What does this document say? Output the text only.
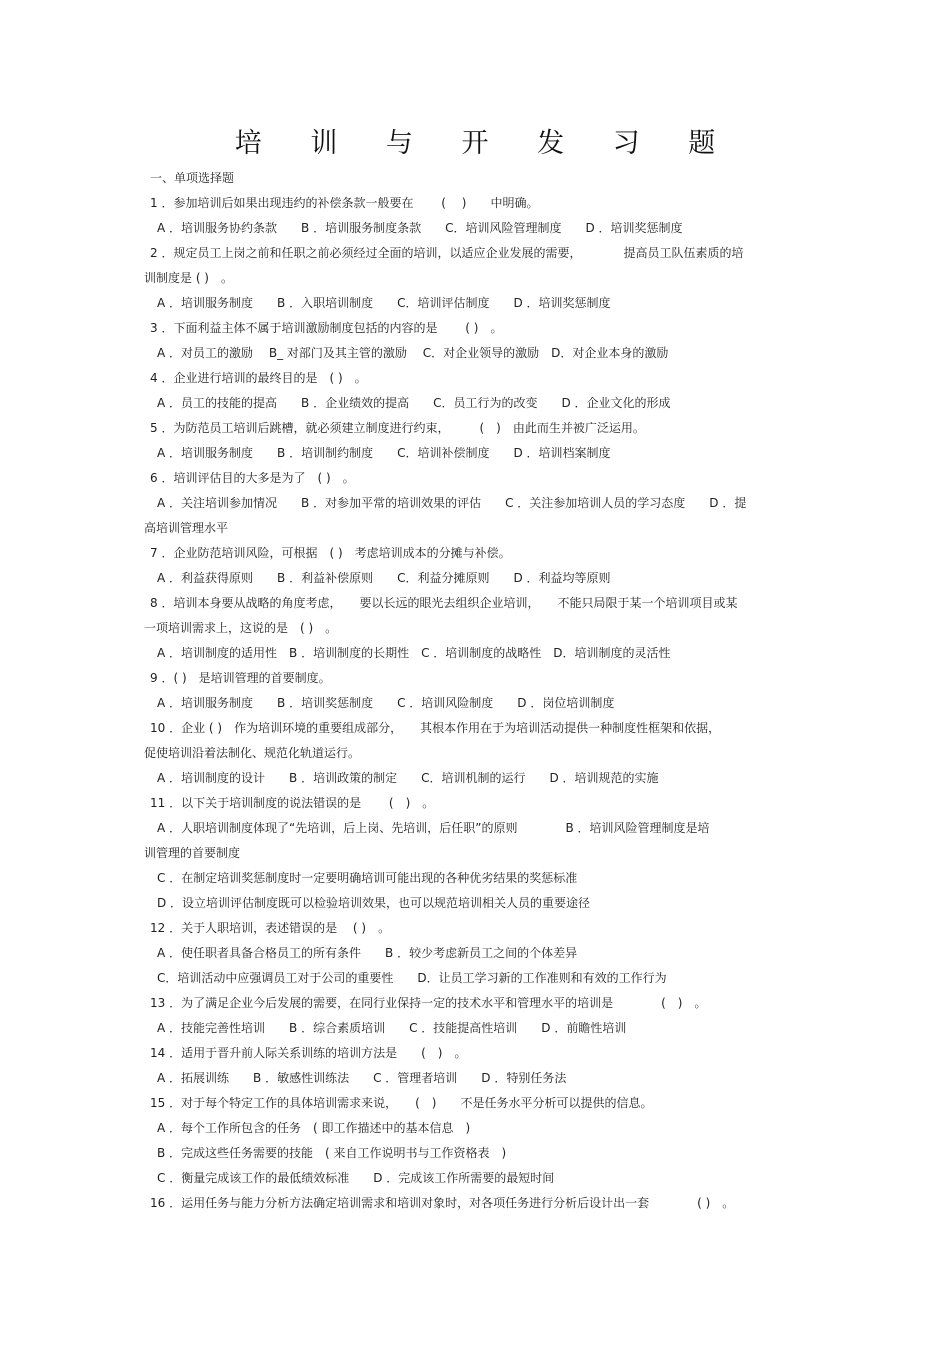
培 训 与 开 发 习 题
一、单项选择题
1 ．参加培训后如果出现违约的补偿条款一般要在　　 (　 )　　中明确。
A ．培训服务协约条款　　B ．培训服务制度条款　　C．培训风险管理制度　　D ．培训奖惩制度
2 ．规定员工上岗之前和任职之前必须经过全面的培训，以适应企业发展的需要，　　　　提高员工队伍素质的培
训制度是 ( )　。
A ．培训服务制度　　B ．入职培训制度　　C．培训评估制度　　D ．培训奖惩制度
3 ．下面利益主体不属于培训激励制度包括的内容的是　　 ( )　。
A ．对员工的激励　 B_ 对部门及其主管的激励　 C．对企业领导的激励　D．对企业本身的激励
4 ．企业进行培训的最终目的是　( )　。
A ．员工的技能的提高　　B ．企业绩效的提高　　C．员工行为的改变　　D ．企业文化的形成
5 ．为防范员工培训后跳槽，就必须建立制度进行约束，　　　(　)　由此而生并被广泛运用。
A ．培训服务制度　　B ．培训制约制度　　C．培训补偿制度　　D ．培训档案制度
6 ．培训评估目的大多是为了　( )　。
A ．关注培训参加情况　　B ．对参加平常的培训效果的评估　　C ．关注参加培训人员的学习态度　　D ．提
高培训管理水平
7 ．企业防范培训风险，可根据　( )　考虑培训成本的分摊与补偿。
A ．利益获得原则　　B ．利益补偿原则　　C．利益分摊原则　　D ．利益均等原则
8 ．培训本身要从战略的角度考虑，　　要以长远的眼光去组织企业培训，　　不能只局限于某一个培训项目或某
一项培训需求上，这说的是　( )　。
A ．培训制度的适用性　B ．培训制度的长期性　C ．培训制度的战略性　D．培训制度的灵活性
9 ．( )　是培训管理的首要制度。
A ．培训服务制度　　B ．培训奖惩制度　　C ．培训风险制度　　D ．岗位培训制度
10 ．企业 ( )　作为培训环境的重要组成部分，　　其根本作用在于为培训活动提供一种制度性框架和依据，
促使培训沿着法制化、规范化轨道运行。
A ．培训制度的设计　　B ．培训政策的制定　　C．培训机制的运行　　D ．培训规范的实施
11 ．以下关于培训制度的说法错误的是　　 (　)　。
A ．人职培训制度体现了“先培训，后上岗、先培训，后任职”的原则　　　　B ．培训风险管理制度是培
训管理的首要制度
C ．在制定培训奖惩制度时一定要明确培训可能出现的各种优劣结果的奖惩标准
D ．设立培训评估制度既可以检验培训效果，也可以规范培训相关人员的重要途径
12 ．关于人职培训，表述错误的是　 ( )　。
A ．使任职者具备合格员工的所有条件　　B ．较少考虑新员工之间的个体差异
C．培训活动中应强调员工对于公司的重要性　　D．让员工学习新的工作准则和有效的工作行为
13 ．为了满足企业今后发展的需要，在同行业保持一定的技术水平和管理水平的培训是　　　　(　)　。
A ．技能完善性培训　　B ．综合素质培训　　C ．技能提高性培训　　D ．前瞻性培训
14 ．适用于晋升前人际关系训练的培训方法是　　(　)　。
A ．拓展训练　　B ．敏感性训练法　　C ．管理者培训　　D ．特别任务法
15 ．对于每个特定工作的具体培训需求来说，　　(　)　　不是任务水平分析可以提供的信息。
A ．每个工作所包含的任务　( 即工作描述中的基本信息　)
B ．完成这些任务需要的技能　( 来自工作说明书与工作资格表　)
C ．衡量完成该工作的最低绩效标准　　D ．完成该工作所需要的最短时间
16 ．运用任务与能力分析方法确定培训需求和培训对象时，对各项任务进行分析后设计出一套　　　　( )　。
